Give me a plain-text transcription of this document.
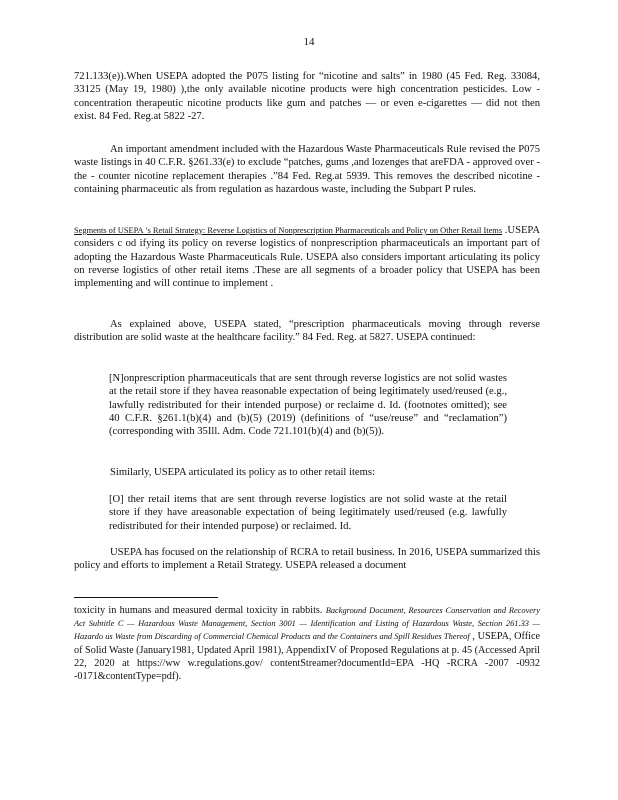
14

721.133(e)).When USEPA adopted the P075 listing for “nicotine and salts” in 1980 (45 Fed. Reg. 33084, 33125 (May 19, 1980) ),the only available nicotine products were high concentration pesticides. Low - concentration therapeutic nicotine products like gum and patches — or even e-cigarettes — did not then exist. 84 Fed. Reg.at 5822 -27.

An important amendment included with the Hazardous Waste Pharmaceuticals Rule revised the P075 waste listings in 40 C.F.R. §261.33(e) to exclude “patches, gums ,and lozenges that areFDA - approved over - the - counter nicotine replacement therapies .”84 Fed. Reg.at 5939. This removes the described nicotine - containing pharmaceutic als from regulation as hazardous waste, including the Subpart P rules.

Segments of USEPA ’s Retail Strategy: Reverse Logistics of Nonprescription Pharmaceuticals and Policy on Other Retail Items .USEPA considers c od ifying its policy on reverse logistics of nonprescription pharmaceuticals an important part of adopting the Hazardous Waste Pharmaceuticals Rule. USEPA also considers important articulating its policy on reverse logistics of other retail items .These are all segments of a broader policy that USEPA has been implementing and will continue to implement .

As explained above, USEPA stated, “prescription pharmaceuticals moving through reverse distribution are solid waste at the healthcare facility.” 84 Fed. Reg. at 5827. USEPA continued:

[N]onprescription pharmaceuticals that are sent through reverse logistics are not solid wastes at the retail store if they havea reasonable expectation of being legitimately used/reused (e.g., lawfully redistributed for their intended purpose) or reclaime d. Id. (footnotes omitted); see 40 C.F.R. §261.1(b)(4) and (b)(5) (2019) (definitions of “use/reuse” and “reclamation”) (corresponding with 35Ill. Adm. Code 721.101(b)(4) and (b)(5)).

Similarly, USEPA articulated its policy as to other retail items:

[O] ther retail items that are sent through reverse logistics are not solid waste at the retail store if they have areasonable expectation of being legitimately used/reused (e.g. lawfully redistributed for their intended purpose) or reclaimed. Id.

USEPA has focused on the relationship of RCRA to retail business. In 2016, USEPA summarized this policy and efforts to implement a Retail Strategy. USEPA released a document

toxicity in humans and measured dermal toxicity in rabbits. Background Document, Resources Conservation and Recovery Act Subtitle C — Hazardous Waste Management, Section 3001 — Identification and Listing of Hazardous Waste, Section 261.33 — Hazardo us Waste from Discarding of Commercial Chemical Products and the Containers and Spill Residues Thereof , USEPA, Office of Solid Waste (January1981, Updated April 1981), AppendixIV of Proposed Regulations at p. 45 (Accessed April 22, 2020 at https://ww w.regulations.gov/ contentStreamer?documentId=EPA -HQ -RCRA -2007 -0932 -0171&contentType=pdf).
